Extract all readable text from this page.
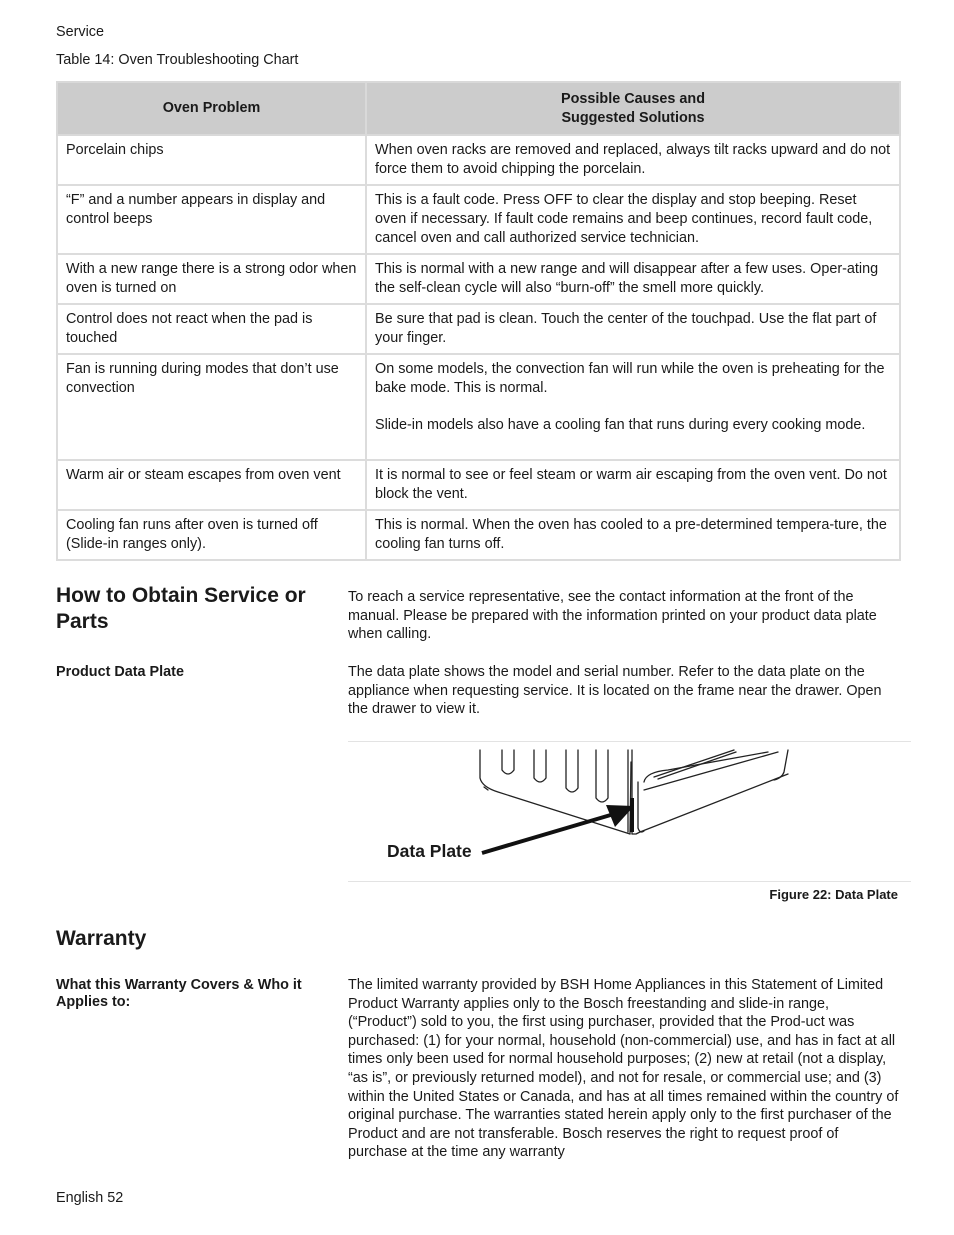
Service
Table 14: Oven Troubleshooting Chart
Oven Problem	Possible Causes and
Suggested Solutions
Porcelain chips	When oven racks are removed and replaced, always tilt racks upward and do not force them to avoid chipping the porcelain.
“F” and a number appears in display and control beeps	This is a fault code. Press OFF to clear the display and stop beeping. Reset oven if necessary. If fault code remains and beep continues, record fault code, cancel oven and call authorized service technician.
With a new range there is a strong odor when oven is turned on	This is normal with a new range and will disappear after a few uses. Oper-ating the self-clean cycle will also “burn-off” the smell more quickly.
Control does not react when the pad is touched	Be sure that pad is clean. Touch the center of the touchpad. Use the flat part of your finger.
Fan is running during modes that don’t use convection	On some models, the convection fan will run while the oven is preheating for the bake mode. This is normal.

Slide-in models also have a cooling fan that runs during every cooking mode.

Warm air or steam escapes from oven vent	It is normal to see or feel steam or warm air escaping from the oven vent. Do not block the vent.
Cooling fan runs after oven is turned off (Slide-in ranges only).	This is normal. When the oven has cooled to a pre-determined tempera-ture, the cooling fan turns off.
How to Obtain Service or Parts
To reach a service representative, see the contact information at the front of the manual. Please be prepared with the information printed on your product data plate when calling.
Product Data Plate	The data plate shows the model and serial number. Refer to the data plate on the appliance when requesting service. It is located on the frame near the drawer. Open the drawer to view it.
Data Plate
Figure 22: Data Plate
Warranty
What this Warranty Covers & Who it Applies to:
The limited warranty provided by BSH Home Appliances in this Statement of Limited Product Warranty applies only to the Bosch freestanding and slide-in range, (“Product”) sold to you, the first using purchaser, provided that the Prod-uct was purchased: (1) for your normal, household (non-commercial) use, and has in fact at all times only been used for normal household purposes; (2) new at retail (not a display, “as is”, or previously returned model), and not for resale, or commercial use; and (3) within the United States or Canada, and has at all times remained within the country of original purchase. The warranties stated herein apply only to the first purchaser of the Product and are not transferable. Bosch reserves the right to request proof of purchase at the time any warranty
English 52
